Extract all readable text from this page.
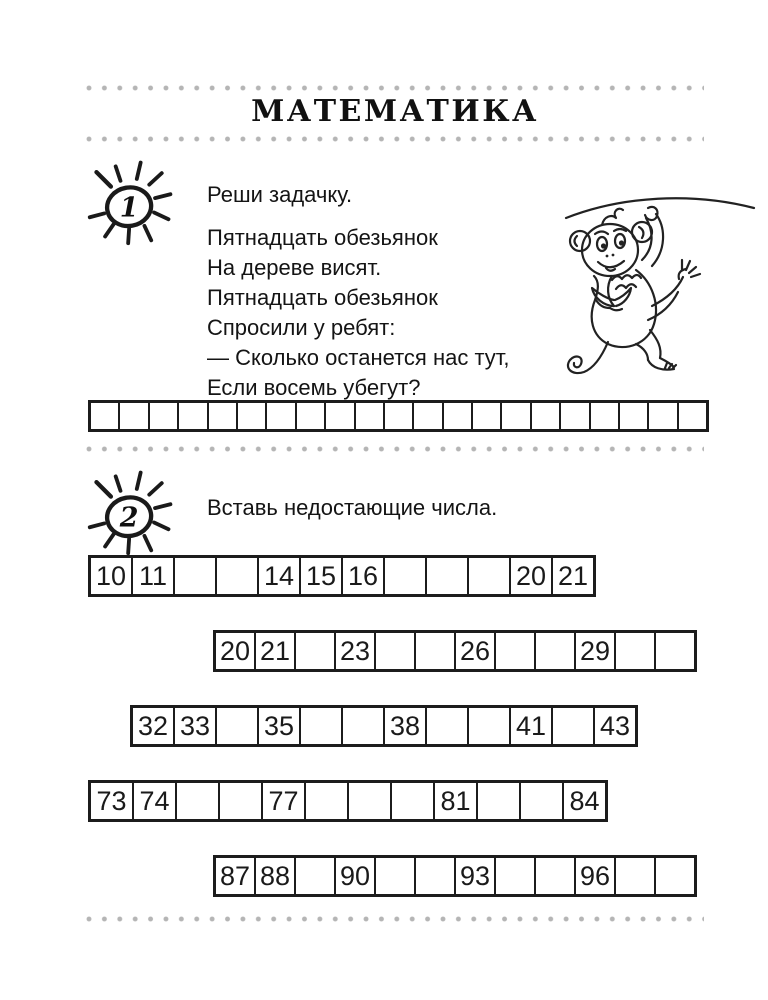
МАТЕМАТИКА
1	Реши задачку.
Пятнадцать обезьянок
На дереве висят.
Пятнадцать обезьянок
Спросили у ребят:
— Сколько останется нас тут,
Если восемь убегут?

2	Вставь недостающие числа.
10	11			14	15	16				20	21
20	21		23			26			29		
32	33		35			38			41		43
73	74			77				81			84
87	88		90			93			96		
